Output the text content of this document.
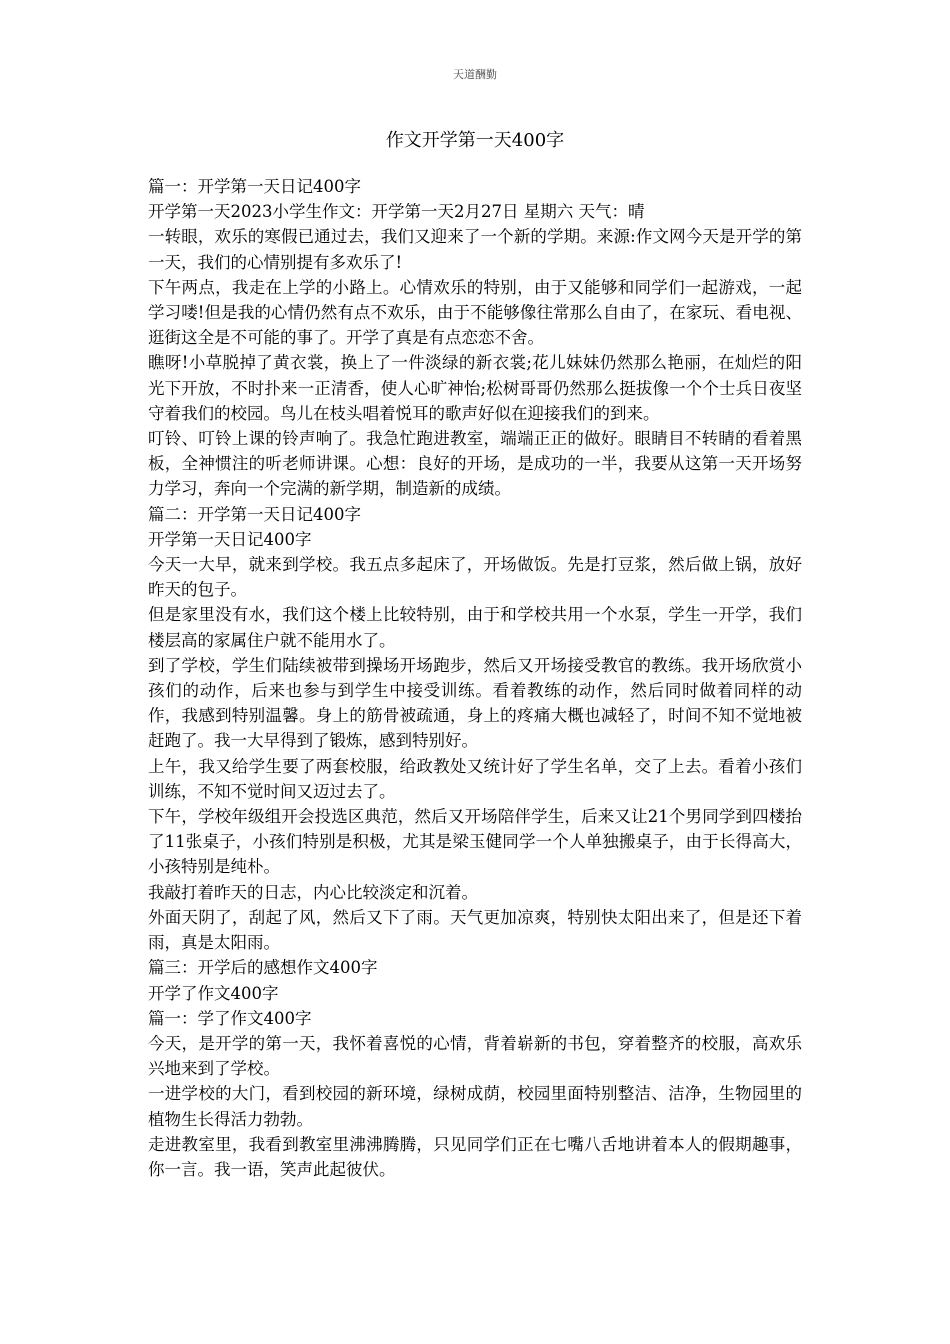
天道酬勤
作文开学第一天400字

篇一：开学第一天日记400字

开学第一天2023小学生作文：开学第一天2月27日 星期六 天气：晴

一转眼，欢乐的寒假已通过去，我们又迎来了一个新的学期。来源:作文网今天是开学的第一天，我们的心情别提有多欢乐了!

下午两点，我走在上学的小路上。心情欢乐的特别，由于又能够和同学们一起游戏，一起学习喽!但是我的心情仍然有点不欢乐，由于不能够像往常那么自由了，在家玩、看电视、逛街这全是不可能的事了。开学了真是有点恋恋不舍。

瞧呀!小草脱掉了黄衣裳，换上了一件淡绿的新衣裳;花儿妹妹仍然那么艳丽，在灿烂的阳光下开放，不时扑来一正清香，使人心旷神怡;松树哥哥仍然那么挺拔像一个个士兵日夜坚守着我们的校园。鸟儿在枝头唱着悦耳的歌声好似在迎接我们的到来。

叮铃、叮铃上课的铃声响了。我急忙跑进教室，端端正正的做好。眼睛目不转睛的看着黑板，全神惯注的听老师讲课。心想：良好的开场，是成功的一半，我要从这第一天开场努力学习，奔向一个完满的新学期，制造新的成绩。

篇二：开学第一天日记400字

开学第一天日记400字

今天一大早，就来到学校。我五点多起床了，开场做饭。先是打豆浆，然后做上锅，放好昨天的包子。

但是家里没有水，我们这个楼上比较特别，由于和学校共用一个水泵，学生一开学，我们楼层高的家属住户就不能用水了。

到了学校，学生们陆续被带到操场开场跑步，然后又开场接受教官的教练。我开场欣赏小孩们的动作，后来也参与到学生中接受训练。看着教练的动作，然后同时做着同样的动作，我感到特别温馨。身上的筋骨被疏通，身上的疼痛大概也减轻了，时间不知不觉地被赶跑了。我一大早得到了锻炼，感到特别好。

上午，我又给学生要了两套校服，给政教处又统计好了学生名单，交了上去。看着小孩们训练，不知不觉时间又迈过去了。

下午，学校年级组开会投选区典范，然后又开场陪伴学生，后来又让21个男同学到四楼抬了11张桌子，小孩们特别是积极，尤其是梁玉健同学一个人单独搬桌子，由于长得高大，小孩特别是纯朴。

我敲打着昨天的日志，内心比较淡定和沉着。

外面天阴了，刮起了风，然后又下了雨。天气更加凉爽，特别快太阳出来了，但是还下着雨，真是太阳雨。

篇三：开学后的感想作文400字

开学了作文400字

篇一：学了作文400字

今天，是开学的第一天，我怀着喜悦的心情，背着崭新的书包，穿着整齐的校服，高欢乐兴地来到了学校。

一进学校的大门，看到校园的新环境，绿树成荫，校园里面特别整洁、洁净，生物园里的植物生长得活力勃勃。

走进教室里，我看到教室里沸沸腾腾，只见同学们正在七嘴八舌地讲着本人的假期趣事，你一言。我一语，笑声此起彼伏。
